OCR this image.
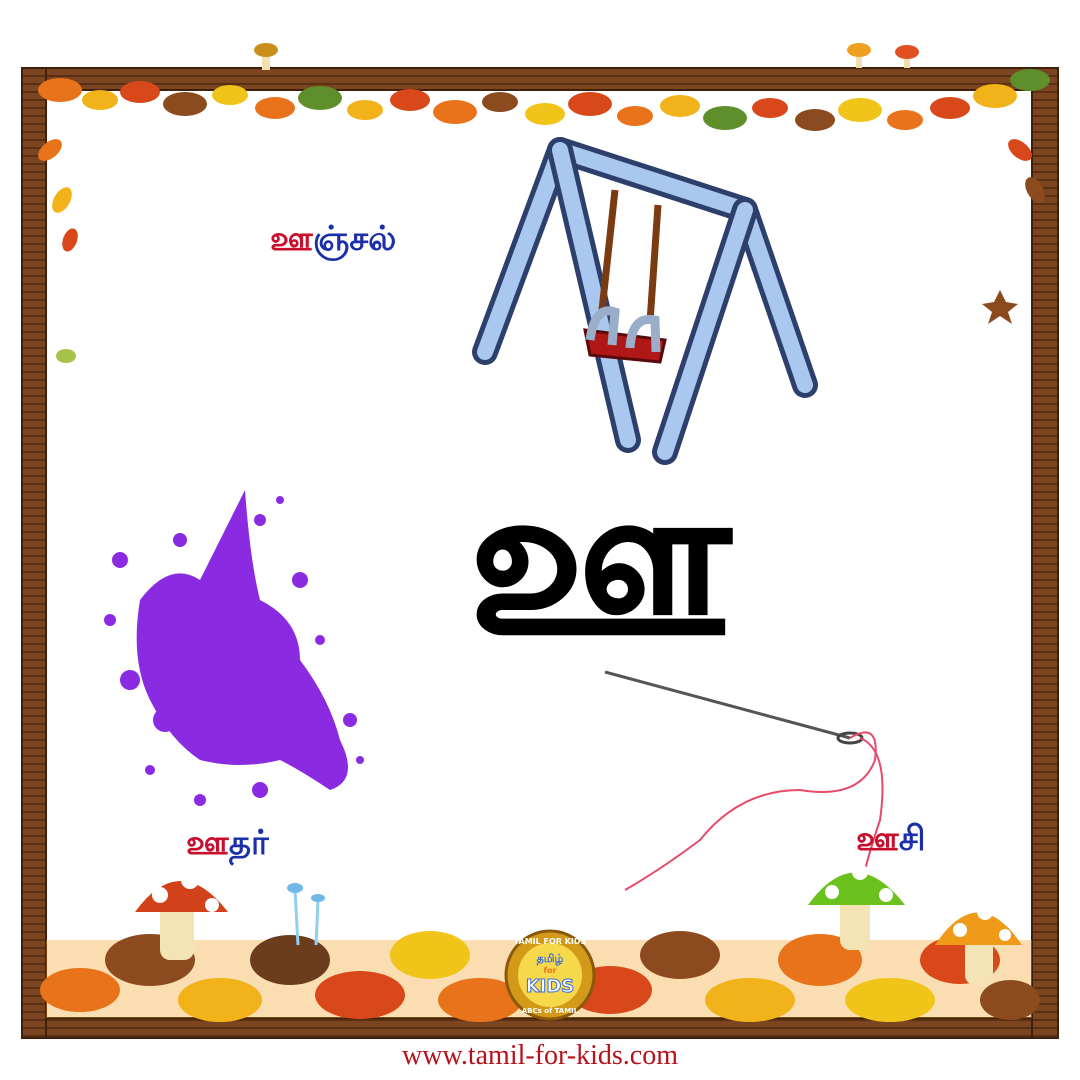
TAMIL FOR KIDS
தமிழ்
for
KIDS
ABCs of TAMIL
ஊஞ்சல்
ஊதா்	ஊசி
ஊ
www.tamil-for-kids.com
